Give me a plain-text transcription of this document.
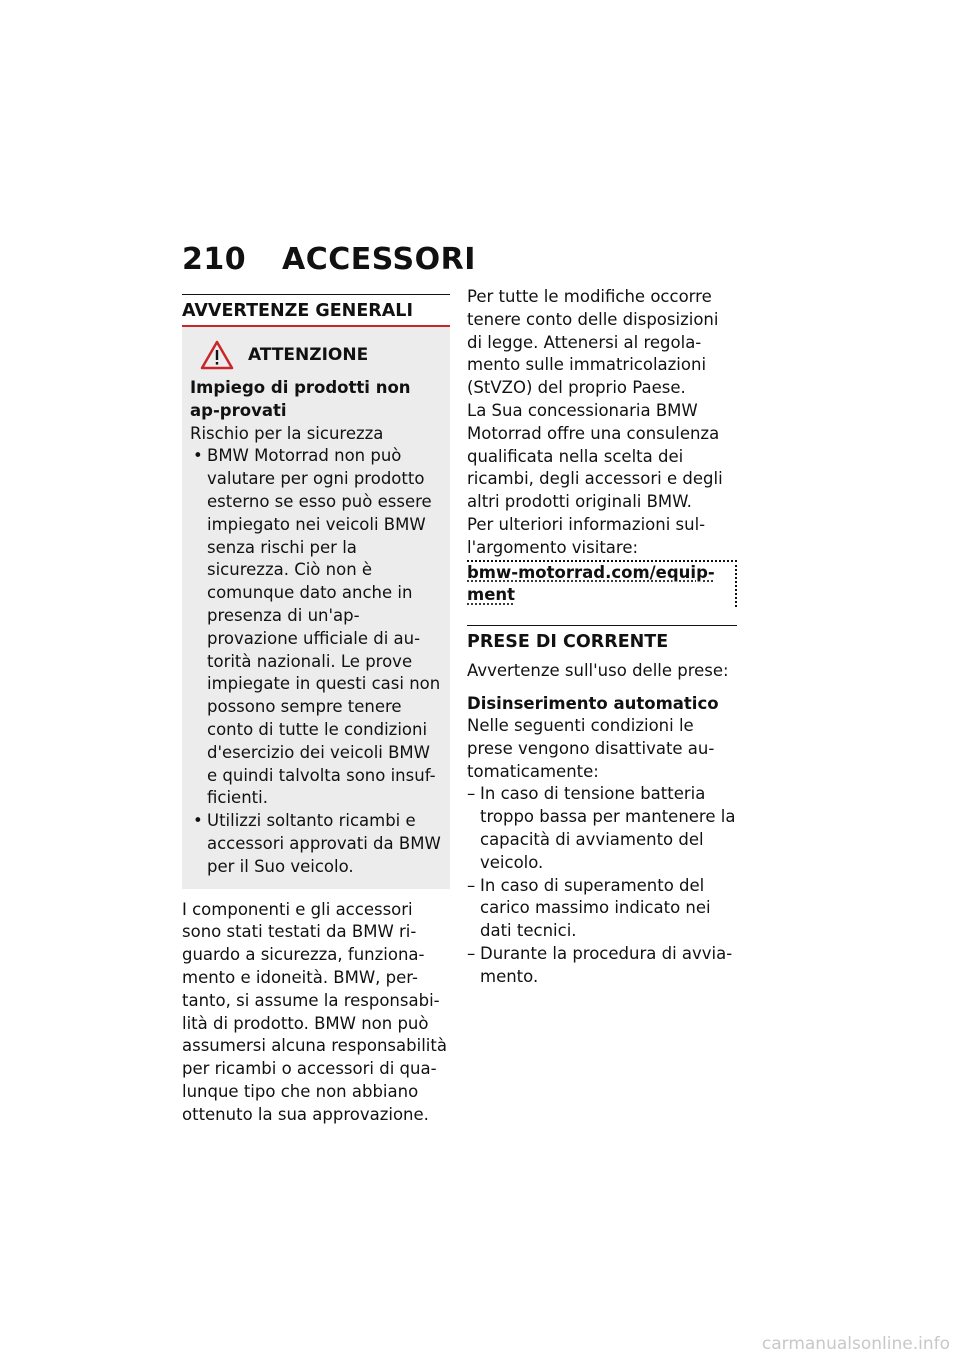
210 ACCESSORI
AVVERTENZE GENERALI
ATTENZIONE
Impiego di prodotti non ap-provati
Rischio per la sicurezza
• BMW Motorrad non può valutare per ogni prodotto esterno se esso può essere impiegato nei veicoli BMW senza rischi per la sicurezza. Ciò non è comunque dato anche in presenza di un'ap-provazione ufficiale di au-torità nazionali. Le prove impiegate in questi casi non possono sempre tenere conto di tutte le condizioni d'esercizio dei veicoli BMW e quindi talvolta sono insuf-ficienti.
• Utilizzi soltanto ricambi e accessori approvati da BMW per il Suo veicolo.
I componenti e gli accessori sono stati testati da BMW ri-guardo a sicurezza, funziona-mento e idoneità. BMW, per-tanto, si assume la responsabi-lità di prodotto. BMW non può assumersi alcuna responsabilità per ricambi o accessori di qua-lunque tipo che non abbiano ottenuto la sua approvazione.
Per tutte le modifiche occorre tenere conto delle disposizioni di legge. Attenersi al regola-mento sulle immatricolazioni (StVZO) del proprio Paese.
La Sua concessionaria BMW Motorrad offre una consulenza qualificata nella scelta dei ricambi, degli accessori e degli altri prodotti originali BMW.
Per ulteriori informazioni sul-l'argomento visitare:
bmw-motorrad.com/equip-ment
PRESE DI CORRENTE
Avvertenze sull'uso delle prese:
Disinserimento automatico
Nelle seguenti condizioni le prese vengono disattivate au-tomaticamente:
– In caso di tensione batteria troppo bassa per mantenere la capacità di avviamento del veicolo.
– In caso di superamento del carico massimo indicato nei dati tecnici.
– Durante la procedura di avvia-mento.
carmanualsonline.info
